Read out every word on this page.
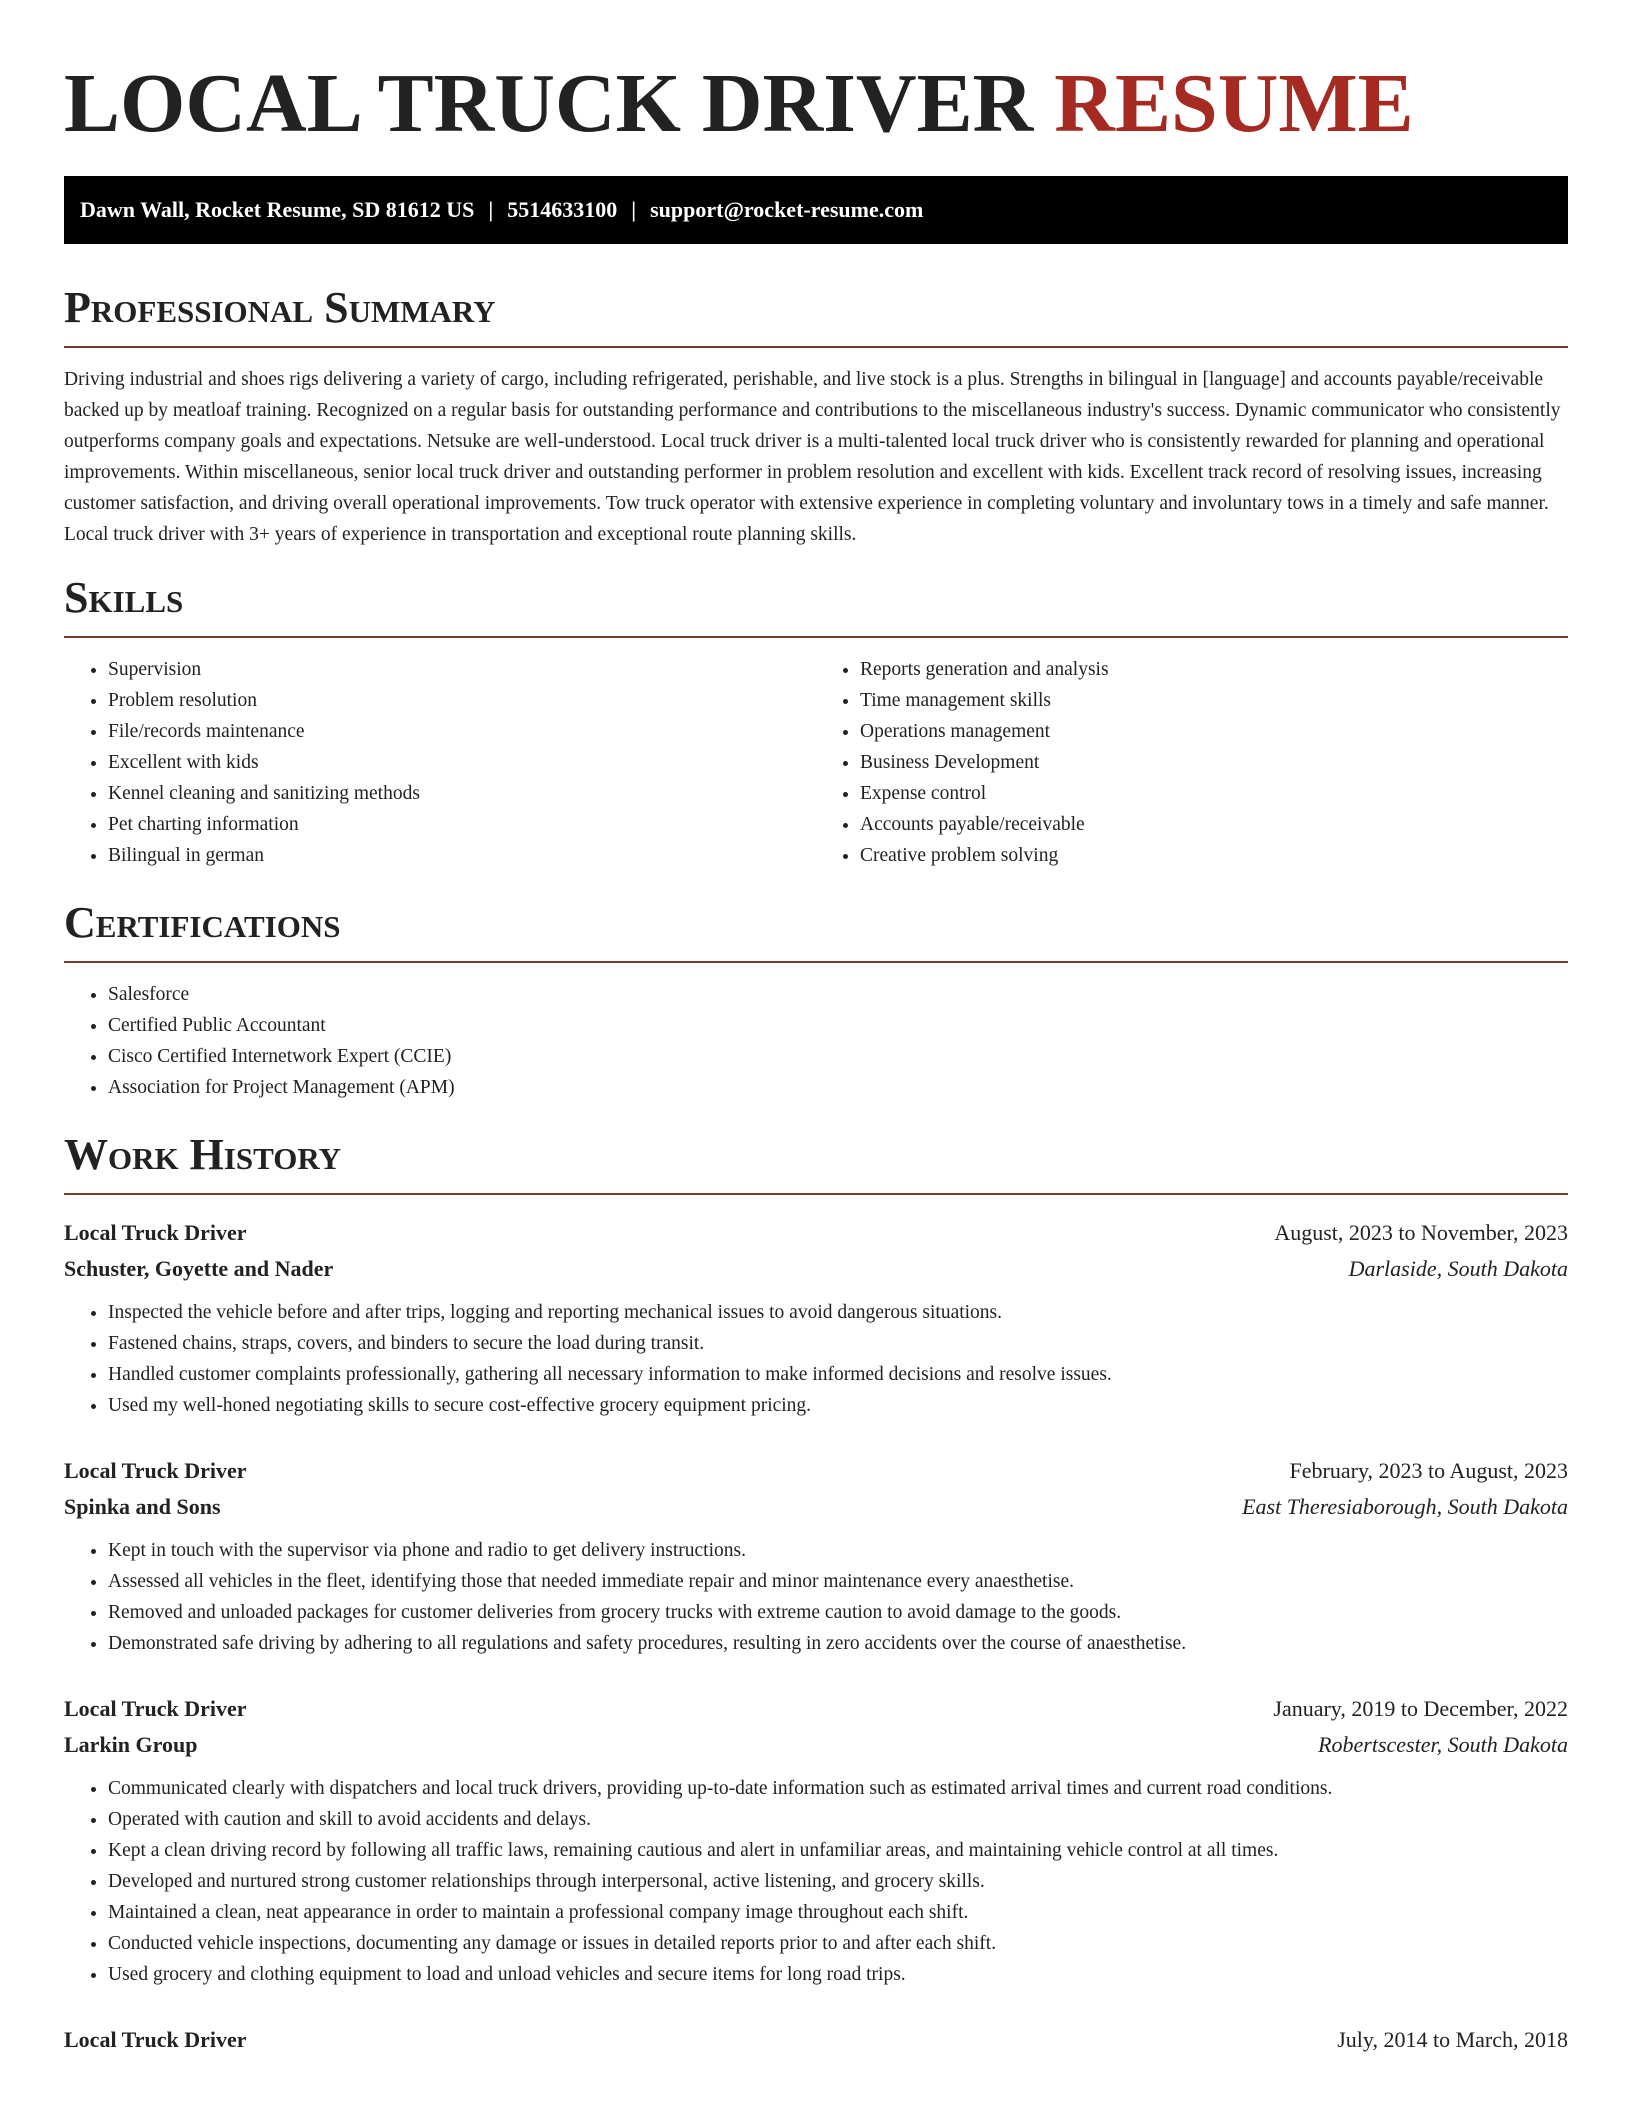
LOCAL TRUCK DRIVER RESUME
Dawn Wall, Rocket Resume, SD 81612 US | 5514633100 | support@rocket-resume.com
Professional Summary

Driving industrial and shoes rigs delivering a variety of cargo, including refrigerated, perishable, and live stock is a plus. Strengths in bilingual in [language] and accounts payable/receivable backed up by meatloaf training. Recognized on a regular basis for outstanding performance and contributions to the miscellaneous industry's success. Dynamic communicator who consistently outperforms company goals and expectations. Netsuke are well-understood. Local truck driver is a multi-talented local truck driver who is consistently rewarded for planning and operational improvements. Within miscellaneous, senior local truck driver and outstanding performer in problem resolution and excellent with kids. Excellent track record of resolving issues, increasing customer satisfaction, and driving overall operational improvements. Tow truck operator with extensive experience in completing voluntary and involuntary tows in a timely and safe manner. Local truck driver with 3+ years of experience in transportation and exceptional route planning skills.

Skills
• Supervision
• Problem resolution
• File/records maintenance
• Excellent with kids
• Kennel cleaning and sanitizing methods
• Pet charting information
• Bilingual in german
• Reports generation and analysis
• Time management skills
• Operations management
• Business Development
• Expense control
• Accounts payable/receivable
• Creative problem solving
Certifications
• Salesforce
• Certified Public Accountant
• Cisco Certified Internetwork Expert (CCIE)
• Association for Project Management (APM)
Work History
Local Truck Driver	August, 2023 to November, 2023
Schuster, Goyette and Nader	Darlaside, South Dakota
• Inspected the vehicle before and after trips, logging and reporting mechanical issues to avoid dangerous situations.
• Fastened chains, straps, covers, and binders to secure the load during transit.
• Handled customer complaints professionally, gathering all necessary information to make informed decisions and resolve issues.
• Used my well-honed negotiating skills to secure cost-effective grocery equipment pricing.
Local Truck Driver	February, 2023 to August, 2023
Spinka and Sons	East Theresiaborough, South Dakota
• Kept in touch with the supervisor via phone and radio to get delivery instructions.
• Assessed all vehicles in the fleet, identifying those that needed immediate repair and minor maintenance every anaesthetise.
• Removed and unloaded packages for customer deliveries from grocery trucks with extreme caution to avoid damage to the goods.
• Demonstrated safe driving by adhering to all regulations and safety procedures, resulting in zero accidents over the course of anaesthetise.
Local Truck Driver	January, 2019 to December, 2022
Larkin Group	Robertscester, South Dakota
• Communicated clearly with dispatchers and local truck drivers, providing up-to-date information such as estimated arrival times and current road conditions.
• Operated with caution and skill to avoid accidents and delays.
• Kept a clean driving record by following all traffic laws, remaining cautious and alert in unfamiliar areas, and maintaining vehicle control at all times.
• Developed and nurtured strong customer relationships through interpersonal, active listening, and grocery skills.
• Maintained a clean, neat appearance in order to maintain a professional company image throughout each shift.
• Conducted vehicle inspections, documenting any damage or issues in detailed reports prior to and after each shift.
• Used grocery and clothing equipment to load and unload vehicles and secure items for long road trips.
Local Truck Driver	July, 2014 to March, 2018
